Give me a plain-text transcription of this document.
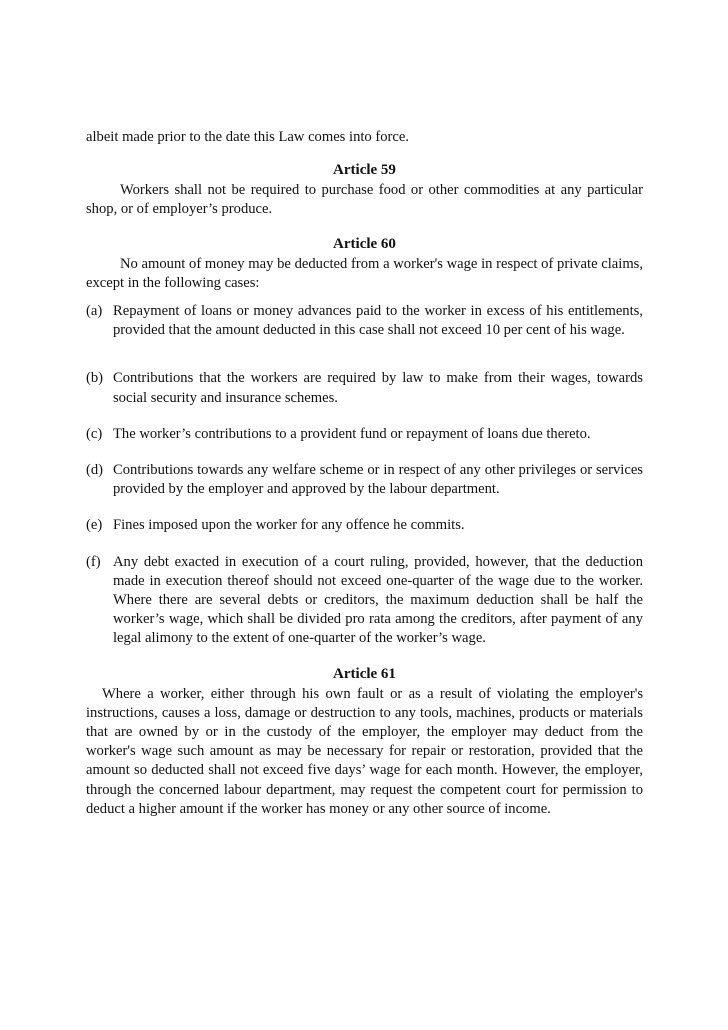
albeit made prior to the date this Law comes into force.

Article 59

Workers shall not be required to purchase food or other commodities at any particular shop, or of employer’s produce.

Article 60

No amount of money may be deducted from a worker's wage in respect of private claims, except in the following cases:

(a) Repayment of loans or money advances paid to the worker in excess of his entitlements, provided that the amount deducted in this case shall not exceed 10 per cent of his wage.
(b) Contributions that the workers are required by law to make from their wages, towards social security and insurance schemes.
(c) The worker’s contributions to a provident fund or repayment of loans due thereto.
(d) Contributions towards any welfare scheme or in respect of any other privileges or services provided by the employer and approved by the labour department.
(e) Fines imposed upon the worker for any offence he commits.
(f) Any debt exacted in execution of a court ruling, provided, however, that the deduction made in execution thereof should not exceed one-quarter of the wage due to the worker. Where there are several debts or creditors, the maximum deduction shall be half the worker’s wage, which shall be divided pro rata among the creditors, after payment of any legal alimony to the extent of one-quarter of the worker’s wage.

Article 61

Where a worker, either through his own fault or as a result of violating the employer's instructions, causes a loss, damage or destruction to any tools, machines, products or materials that are owned by or in the custody of the employer, the employer may deduct from the worker's wage such amount as may be necessary for repair or restoration, provided that the amount so deducted shall not exceed five days’ wage for each month. However, the employer, through the concerned labour department, may request the competent court for permission to deduct a higher amount if the worker has money or any other source of income.
